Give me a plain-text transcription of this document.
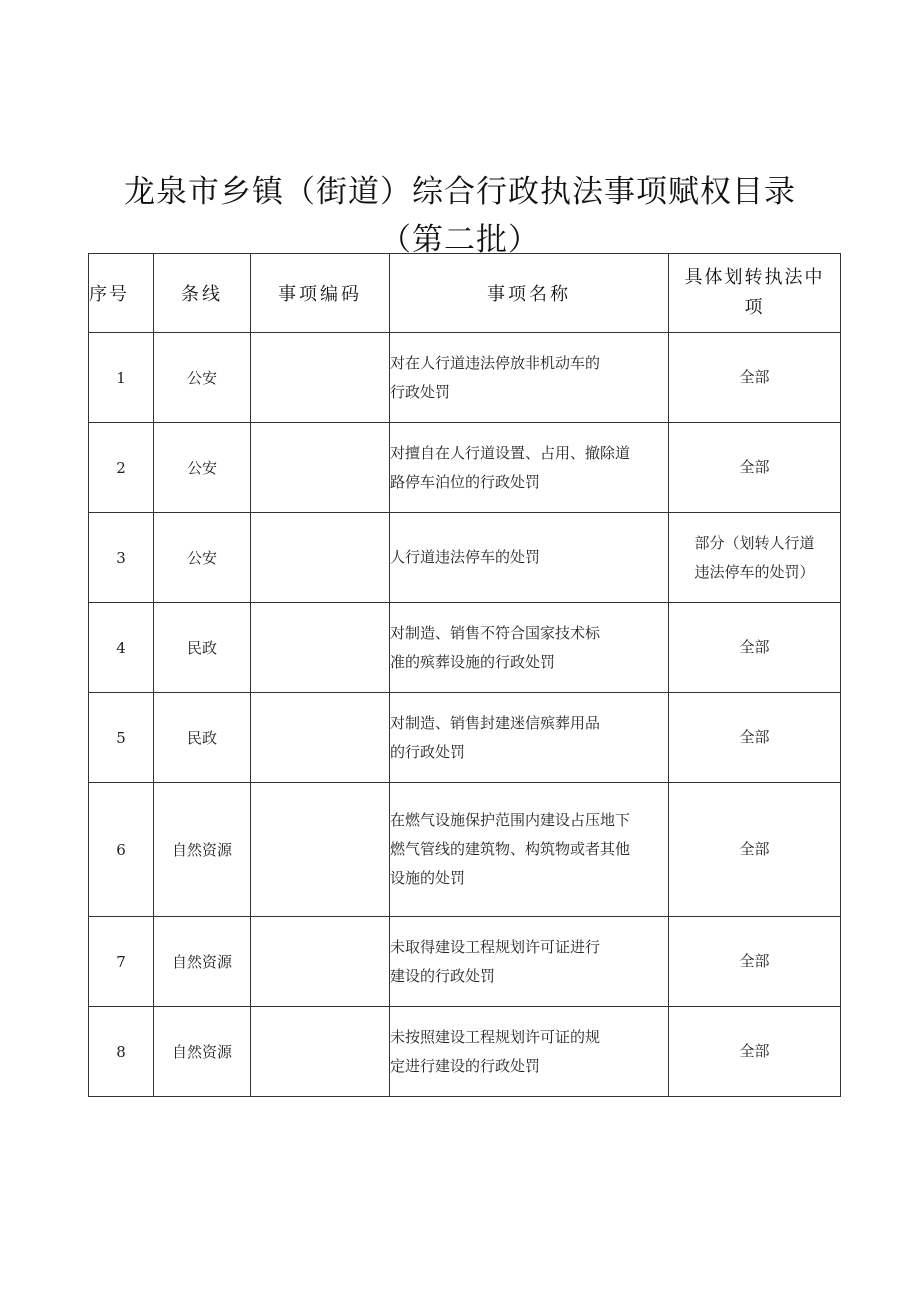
龙泉市乡镇（街道）综合行政执法事项赋权目录
（第二批）
序号	条线	事项编码	事项名称	具体划转执法中
项

1	公安		对在人行道违法停放非机动车的
行政处罚	全部

2	公安		对擅自在人行道设置、占用、撤除道
路停车泊位的行政处罚	全部

3	公安		人行道违法停车的处罚	部分（划转人行道
违法停车的处罚）

4	民政		对制造、销售不符合国家技术标
准的殡葬设施的行政处罚	全部

5	民政		对制造、销售封建迷信殡葬用品
的行政处罚	全部

6	自然资源		在燃气设施保护范围内建设占压地下
燃气管线的建筑物、构筑物或者其他
设施的处罚	全部

7	自然资源		未取得建设工程规划许可证进行
建设的行政处罚	全部

8	自然资源		未按照建设工程规划许可证的规
定进行建设的行政处罚	全部
